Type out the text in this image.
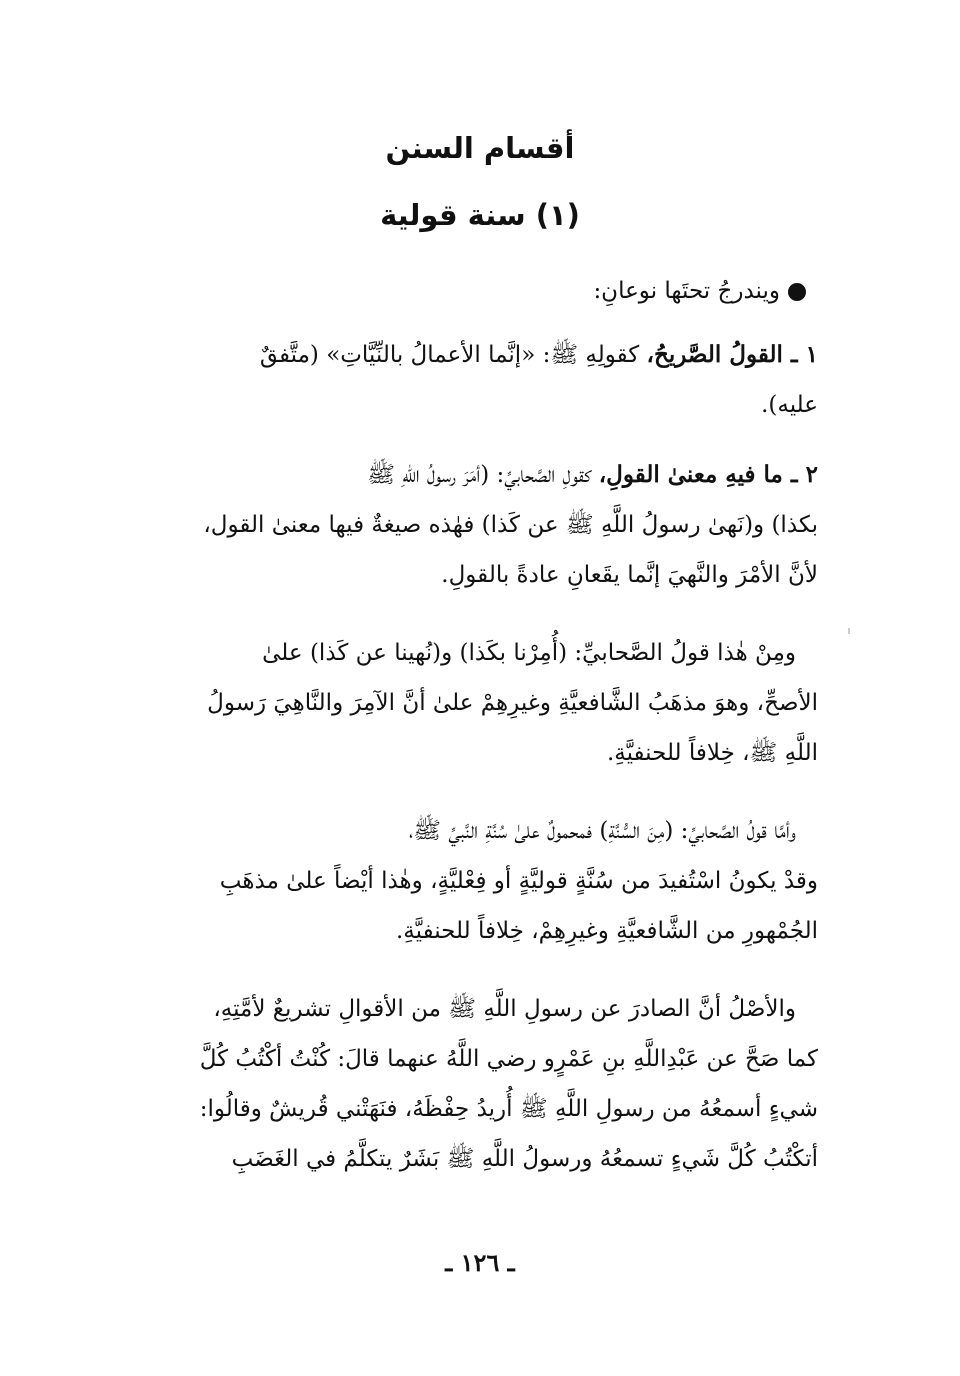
أقسام السنن
(١) سنة قولية
ويندرجُ تحتَها نوعانِ:
١ ـ القولُ الصَّريحُ، كقولِهِ ﷺ: «إنَّما الأعمالُ بالنِّيَّاتِ» (متَّفقٌ
عليه).
٢ ـ ما فيهِ معنىٰ القولِ، كقولِ الصَّحابيِّ: (أمَرَ رسولُ اللهِ ﷺ
بكذا) و(نَهىٰ رسولُ اللَّهِ ﷺ عن كَذا) فهٰذه صيغةٌ فيها معنىٰ القول،
لأنَّ الأمْرَ والنَّهيَ إنَّما يقَعانِ عادةً بالقولِ.
ومِنْ هٰذا قولُ الصَّحابيِّ: (أُمِرْنا بكَذا) و(نُهينا عن كَذا) علىٰ
الأصحِّ، وهوَ مذهَبُ الشَّافعيَّةِ وغيرِهِمْ علىٰ أنَّ الآمِرَ والنَّاهِيَ رَسولُ
اللَّهِ ﷺ، خِلافاً للحنفيَّةِ.
وأمَّا قولُ الصَّحابيِّ: (مِنَ السُّنَّةِ) فمحمولٌ علىٰ سُنَّةِ النَّبيِّ ﷺ،
وقدْ يكونُ اسْتُفيدَ من سُنَّةٍ قوليَّةٍ أو فِعْليَّةٍ، وهٰذا أيْضاً علىٰ مذهَبِ
الجُمْهورِ من الشَّافعيَّةِ وغيرِهِمْ، خِلافاً للحنفيَّةِ.
والأصْلُ أنَّ الصادرَ عن رسولِ اللَّهِ ﷺ من الأقوالِ تشريعٌ لأمَّتِهِ،
كما صَحَّ عن عَبْدِاللَّهِ بنِ عَمْرٍو رضي اللَّهُ عنهما قالَ: كُنْتُ أكْتُبُ كُلَّ
شيءٍ أسمعُهُ من رسولِ اللَّهِ ﷺ أُريدُ حِفْظَهُ، فنَهَتْني قُريشٌ وقالُوا:
أتكْتُبُ كُلَّ شَيءٍ تسمعُهُ ورسولُ اللَّهِ ﷺ بَشَرٌ يتكلَّمُ في الغَضَبِ
ـ ١٢٦ ـ
